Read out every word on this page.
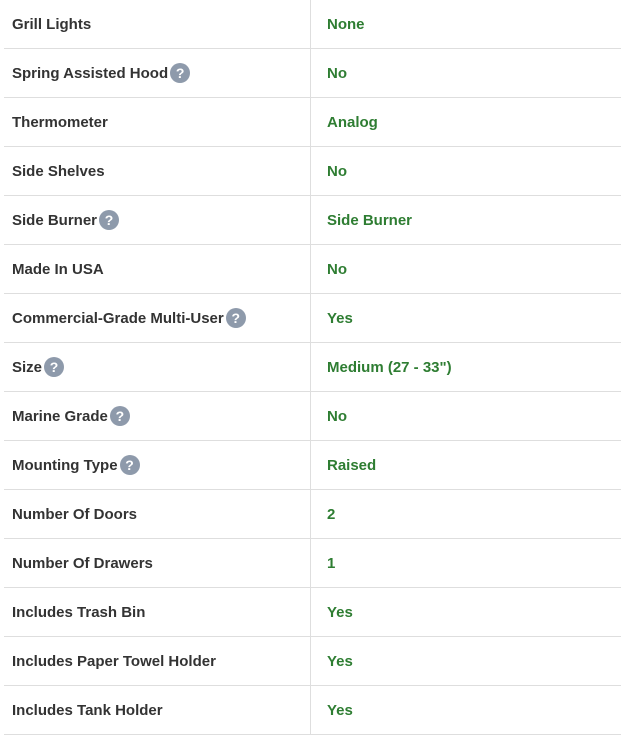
Grill Lights	None
Spring Assisted Hood ?	No
Thermometer	Analog
Side Shelves	No
Side Burner ?	Side Burner
Made In USA	No
Commercial-Grade Multi-User ?	Yes
Size ?	Medium (27 - 33")
Marine Grade ?	No
Mounting Type ?	Raised
Number Of Doors	2
Number Of Drawers	1
Includes Trash Bin	Yes
Includes Paper Towel Holder	Yes
Includes Tank Holder	Yes
